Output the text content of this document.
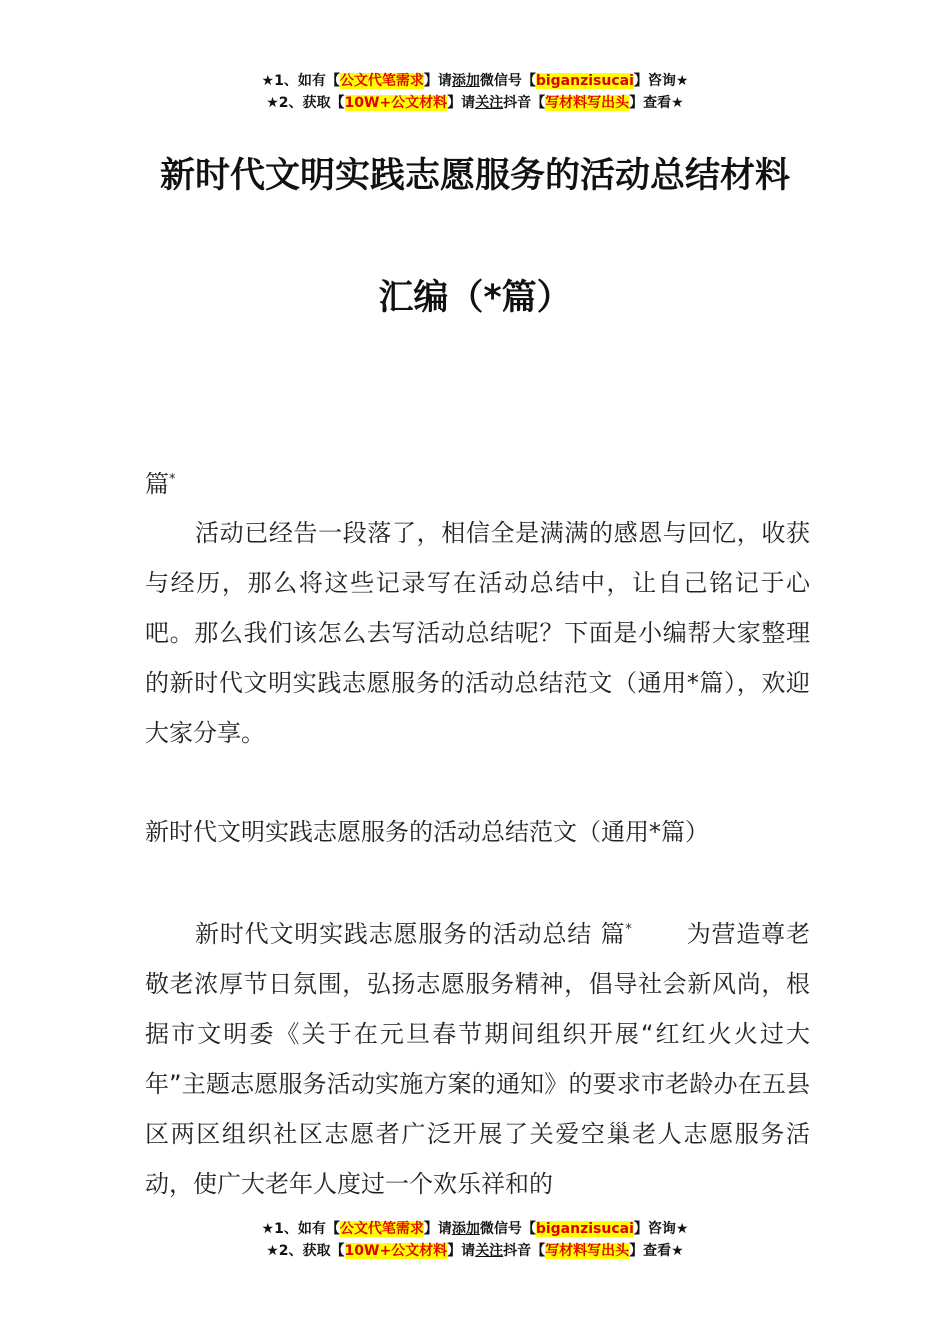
★1、如有【公文代笔需求】请添加微信号【biganzisucai】咨询★
★2、获取【10W+公文材料】请关注抖音【写材料写出头】查看★
新时代文明实践志愿服务的活动总结材料
汇编（*篇）
篇*

活动已经告一段落了，相信全是满满的感恩与回忆，收获与经历，那么将这些记录写在活动总结中，让自己铭记于心吧。那么我们该怎么去写活动总结呢？下面是小编帮大家整理的新时代文明实践志愿服务的活动总结范文（通用*篇），欢迎大家分享。

新时代文明实践志愿服务的活动总结范文（通用*篇）

新时代文明实践志愿服务的活动总结 篇* 为营造尊老敬老浓厚节日氛围，弘扬志愿服务精神，倡导社会新风尚，根据市文明委《关于在元旦春节期间组织开展“红红火火过大年”主题志愿服务活动实施方案的通知》的要求市老龄办在五县区两区组织社区志愿者广泛开展了关爱空巢老人志愿服务活动，使广大老年人度过一个欢乐祥和的

★1、如有【公文代笔需求】请添加微信号【biganzisucai】咨询★
★2、获取【10W+公文材料】请关注抖音【写材料写出头】查看★
